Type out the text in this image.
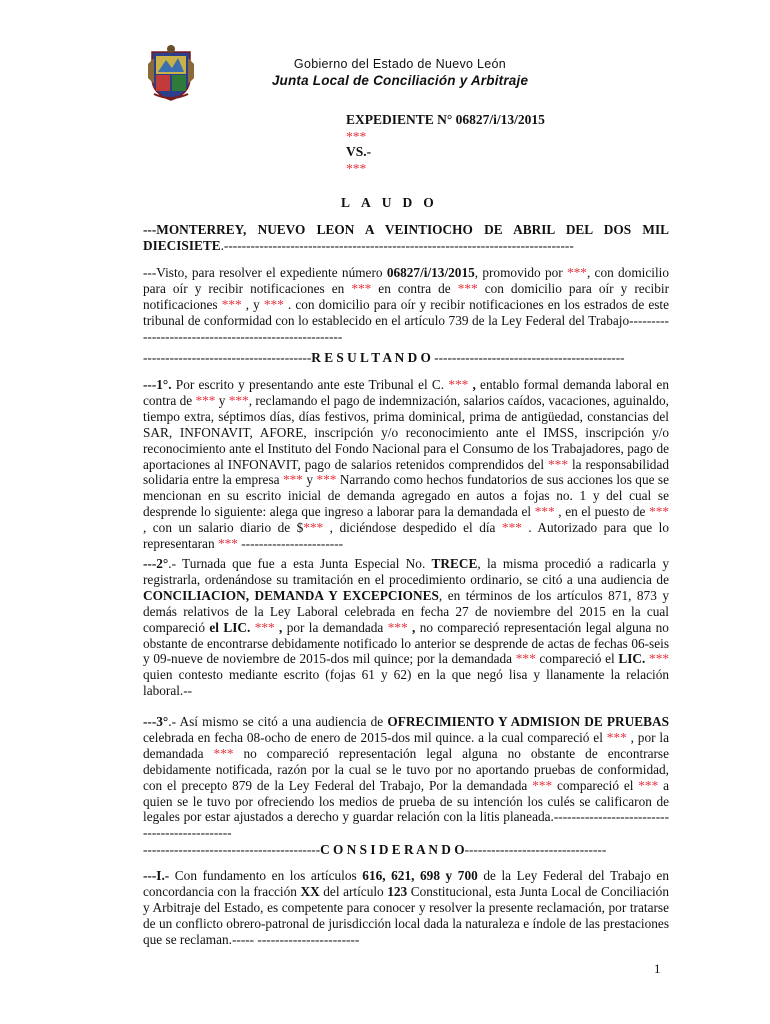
Gobierno del Estado de Nuevo León
Junta Local de Conciliación y Arbitraje
EXPEDIENTE N° 06827/i/13/2015
***
VS.-
***
LAUDO
---MONTERREY, NUEVO LEON A VEINTIOCHO DE ABRIL DEL DOS MIL DIECISIETE.-------------------------------------------------------------------------------
---Visto, para resolver el expediente número 06827/i/13/2015, promovido por ***, con domicilio para oír y recibir notificaciones en *** en contra de *** con domicilio para oír y recibir notificaciones *** , y *** . con domicilio para oír y recibir notificaciones en los estrados de este tribunal de conformidad con lo establecido en el artículo 739 de la Ley Federal del Trabajo------------------------------------------------------
--------------------------------------R E S U L T A N D O -------------------------------------------
---1°. Por escrito y presentando ante este Tribunal el C. *** , entablo formal demanda laboral en contra de *** y ***, reclamando el pago de indemnización, salarios caídos, vacaciones, aguinaldo, tiempo extra, séptimos días, días festivos, prima dominical, prima de antigüedad, constancias del SAR, INFONAVIT, AFORE, inscripción y/o reconocimiento ante el IMSS, inscripción y/o reconocimiento ante el Instituto del Fondo Nacional para el Consumo de los Trabajadores, pago de aportaciones al INFONAVIT, pago de salarios retenidos comprendidos del *** la responsabilidad solidaria entre la empresa *** y *** Narrando como hechos fundatorios de sus acciones los que se mencionan en su escrito inicial de demanda agregado en autos a fojas no. 1 y del cual se desprende lo siguiente: alega que ingreso a laborar para la demandada el *** , en el puesto de *** , con un salario diario de $*** , diciéndose despedido el día *** . Autorizado para que lo representaran *** -----------------------
---2°.- Turnada que fue a esta Junta Especial No. TRECE, la misma procedió a radicarla y registrarla, ordenándose su tramitación en el procedimiento ordinario, se citó a una audiencia de CONCILIACION, DEMANDA Y EXCEPCIONES, en términos de los artículos 871, 873 y demás relativos de la Ley Laboral celebrada en fecha 27 de noviembre del 2015 en la cual compareció el LIC. *** , por la demandada *** , no compareció representación legal alguna no obstante de encontrarse debidamente notificado lo anterior se desprende de actas de fechas 06-seis y 09-nueve de noviembre de 2015-dos mil quince; por la demandada *** compareció el LIC. *** quien contesto mediante escrito (fojas 61 y 62) en la que negó lisa y llanamente la relación laboral.--
---3°.- Así mismo se citó a una audiencia de OFRECIMIENTO Y ADMISION DE PRUEBAS celebrada en fecha 08-ocho de enero de 2015-dos mil quince. a la cual compareció el *** , por la demandada *** no compareció representación legal alguna no obstante de encontrarse debidamente notificada, razón por la cual se le tuvo por no aportando pruebas de conformidad, con el precepto 879 de la Ley Federal del Trabajo, Por la demandada *** compareció el *** a quien se le tuvo por ofreciendo los medios de prueba de su intención los culés se calificaron de legales por estar ajustados a derecho y guardar relación con la litis planeada.----------------------------------------------
----------------------------------------C O N S I D E R A N D O--------------------------------
---I.- Con fundamento en los artículos 616, 621, 698 y 700 de la Ley Federal del Trabajo en concordancia con la fracción XX del artículo 123 Constitucional, esta Junta Local de Conciliación y Arbitraje del Estado, es competente para conocer y resolver la presente reclamación, por tratarse de un conflicto obrero-patronal de jurisdicción local dada la naturaleza e índole de las prestaciones que se reclaman.----- -----------------------
1
